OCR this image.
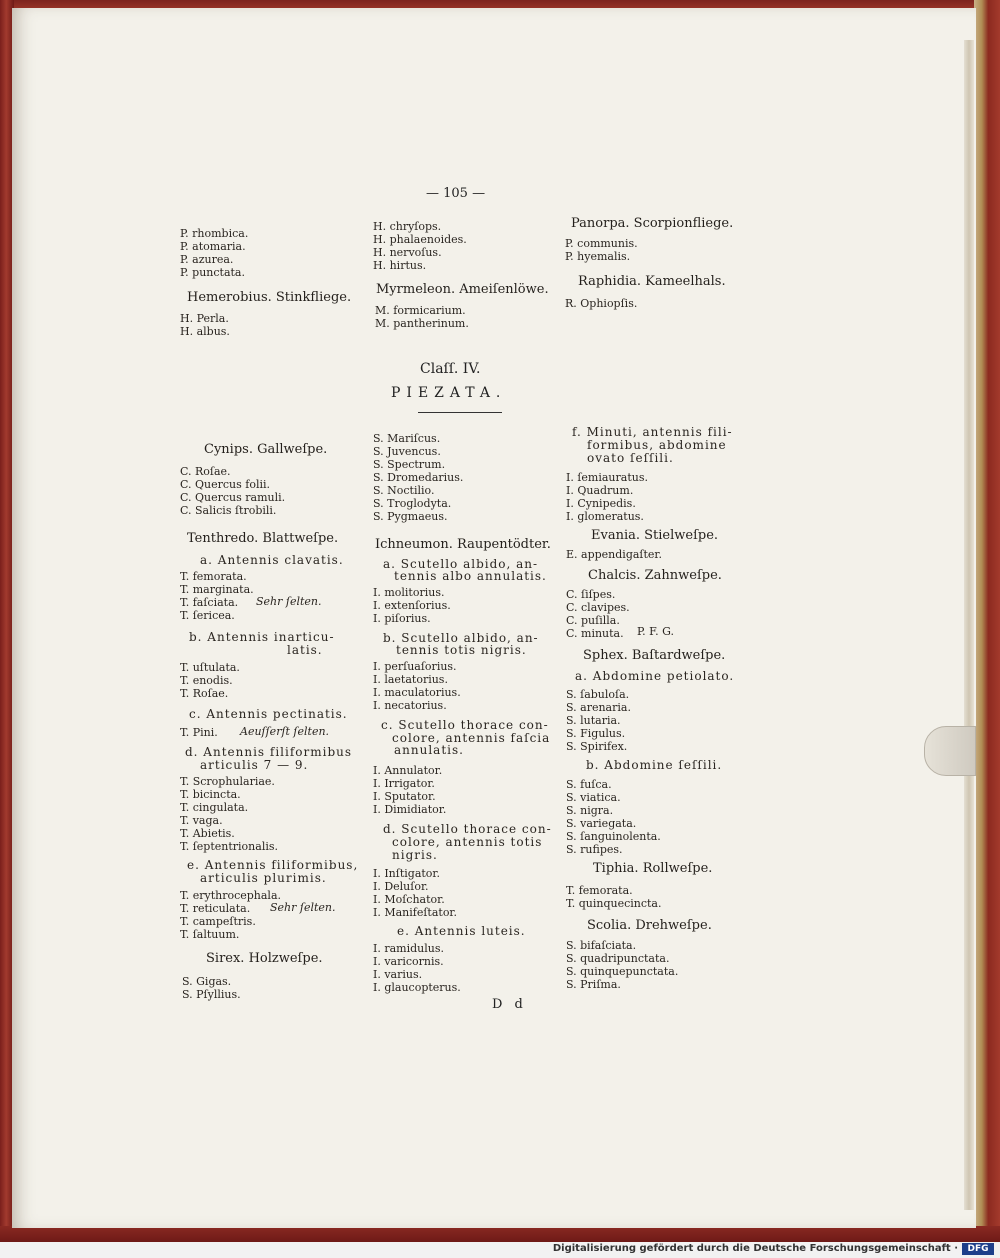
— 105 —
P. rhombica.
P. atomaria.
P. azurea.
P. punctata.
Hemerobius. Stinkfliege.
H. Perla.
H. albus.
H. chryſops.
H. phalaenoides.
H. nervoſus.
H. hirtus.
Myrmeleon. Ameiſenlöwe.
M. formicarium.
M. pantherinum.
Panorpa. Scorpionfliege.
P. communis.
P. hyemalis.
Raphidia. Kameelhals.
R. Ophiopſis.
Claſſ. IV.
PIEZATA.
Cynips. Gallweſpe.
C. Roſae.
C. Quercus folii.
C. Quercus ramuli.
C. Salicis ſtrobili.
Tenthredo. Blattweſpe.
a. Antennis clavatis.
T. femorata.
T. marginata.
T. faſciata. Sehr ſelten.
T. ſericea.
b. Antennis inarticu-
latis.
T. uſtulata.
T. enodis.
T. Roſae.
c. Antennis pectinatis.
T. Pini. Aeuſſerſt ſelten.
d. Antennis filiformibus
articulis 7 — 9.
T. Scrophulariae.
T. bicincta.
T. cingulata.
T. vaga.
T. Abietis.
T. ſeptentrionalis.
e. Antennis filiformibus,
articulis plurimis.
T. erythrocephala.
T. reticulata. Sehr ſelten.
T. campeſtris.
T. ſaltuum.
Sirex. Holzweſpe.
S. Gigas.
S. Pſyllius.
S. Mariſcus.
S. Juvencus.
S. Spectrum.
S. Dromedarius.
S. Noctilio.
S. Troglodyta.
S. Pygmaeus.
Ichneumon. Raupentödter.
a. Scutello albido, an-
tennis albo annulatis.
I. molitorius.
I. extenſorius.
I. piſorius.
b. Scutello albido, an-
tennis totis nigris.
I. perſuaſorius.
I. laetatorius.
I. maculatorius.
I. necatorius.
c. Scutello thorace con-
colore, antennis faſcia
annulatis.
I. Annulator.
I. Irrigator.
I. Sputator.
I. Dimidiator.
d. Scutello thorace con-
colore, antennis totis
nigris.
I. Inſtigator.
I. Deluſor.
I. Moſchator.
I. Manifeſtator.
e. Antennis luteis.
I. ramidulus.
I. varicornis.
I. varius.
I. glaucopterus.
D d
f. Minuti, antennis fili-
formibus, abdomine
ovato ſeſſili.
I. ſemiauratus.
I. Quadrum.
I. Cynipedis.
I. glomeratus.
Evania. Stielweſpe.
E. appendigaſter.
Chalcis. Zahnweſpe.
C. ſiſpes.
C. clavipes.
C. puſilla.
C. minuta. P. F. G.
Sphex. Baſtardweſpe.
a. Abdomine petiolato.
S. ſabuloſa.
S. arenaria.
S. lutaria.
S. Figulus.
S. Spirifex.
b. Abdomine ſeſſili.
S. fuſca.
S. viatica.
S. nigra.
S. variegata.
S. ſanguinolenta.
S. rufipes.
Tiphia. Rollweſpe.
T. femorata.
T. quinquecincta.
Scolia. Drehweſpe.
S. bifaſciata.
S. quadripunctata.
S. quinquepunctata.
S. Priſma.
Digitalisierung gefördert durch die Deutsche Forschungsgemeinschaft ·	DFG
